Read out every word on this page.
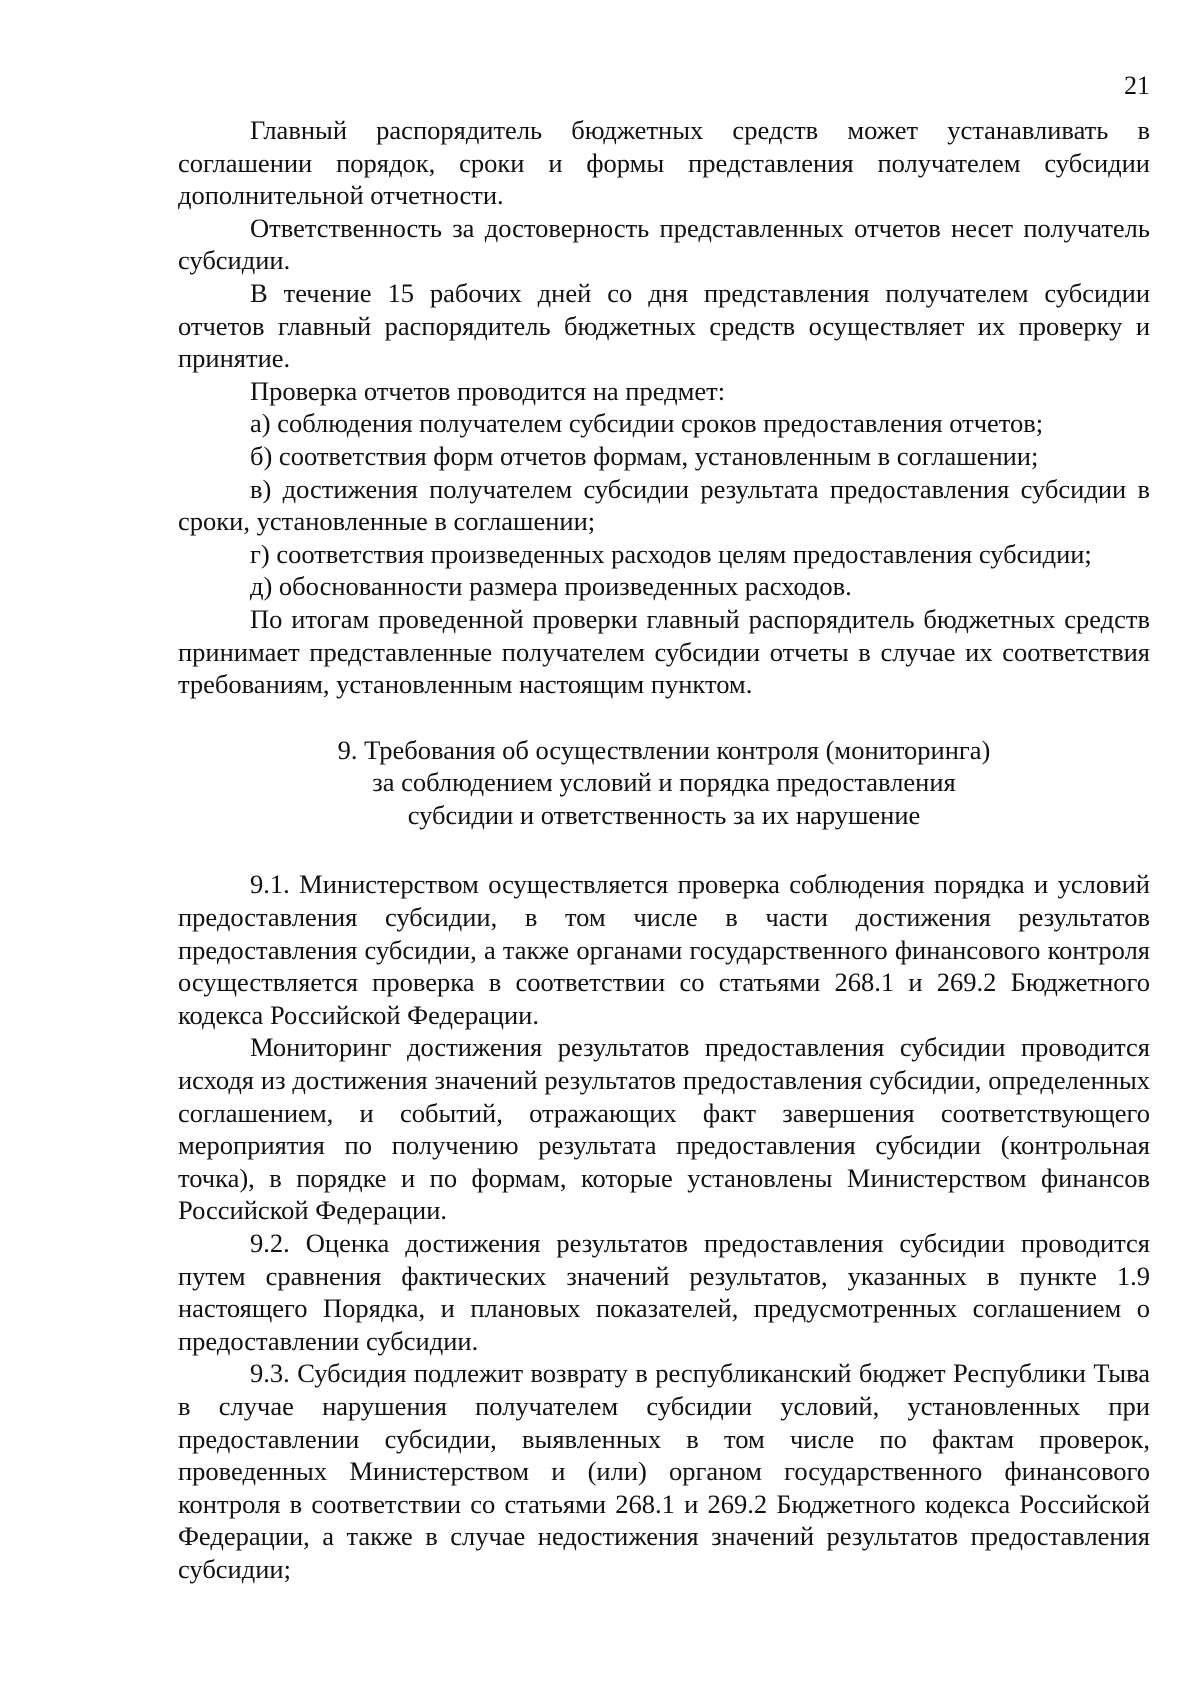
21

Главный распорядитель бюджетных средств может устанавливать в соглашении порядок, сроки и формы представления получателем субсидии дополнительной отчетности.

Ответственность за достоверность представленных отчетов несет получатель субсидии.

В течение 15 рабочих дней со дня представления получателем субсидии отчетов главный распорядитель бюджетных средств осуществляет их проверку и принятие.

Проверка отчетов проводится на предмет:

а) соблюдения получателем субсидии сроков предоставления отчетов;

б) соответствия форм отчетов формам, установленным в соглашении;

в) достижения получателем субсидии результата предоставления субсидии в сроки, установленные в соглашении;

г) соответствия произведенных расходов целям предоставления субсидии;

д) обоснованности размера произведенных расходов.

По итогам проведенной проверки главный распорядитель бюджетных средств принимает представленные получателем субсидии отчеты в случае их соответствия требованиям, установленным настоящим пунктом.

9. Требования об осуществлении контроля (мониторинга)
за соблюдением условий и порядка предоставления
субсидии и ответственность за их нарушение

9.1. Министерством осуществляется проверка соблюдения порядка и условий предоставления субсидии, в том числе в части достижения результатов предоставления субсидии, а также органами государственного финансового контроля осуществляется проверка в соответствии со статьями 268.1 и 269.2 Бюджетного кодекса Российской Федерации.

Мониторинг достижения результатов предоставления субсидии проводится исходя из достижения значений результатов предоставления субсидии, определенных соглашением, и событий, отражающих факт завершения соответствующего мероприятия по получению результата предоставления субсидии (контрольная точка), в порядке и по формам, которые установлены Министерством финансов Российской Федерации.

9.2. Оценка достижения результатов предоставления субсидии проводится путем сравнения фактических значений результатов, указанных в пункте 1.9 настоящего Порядка, и плановых показателей, предусмотренных соглашением о предоставлении субсидии.

9.3. Субсидия подлежит возврату в республиканский бюджет Республики Тыва в случае нарушения получателем субсидии условий, установленных при предоставлении субсидии, выявленных в том числе по фактам проверок, проведенных Министерством и (или) органом государственного финансового контроля в соответствии со статьями 268.1 и 269.2 Бюджетного кодекса Российской Федерации, а также в случае недостижения значений результатов предоставления субсидии;
